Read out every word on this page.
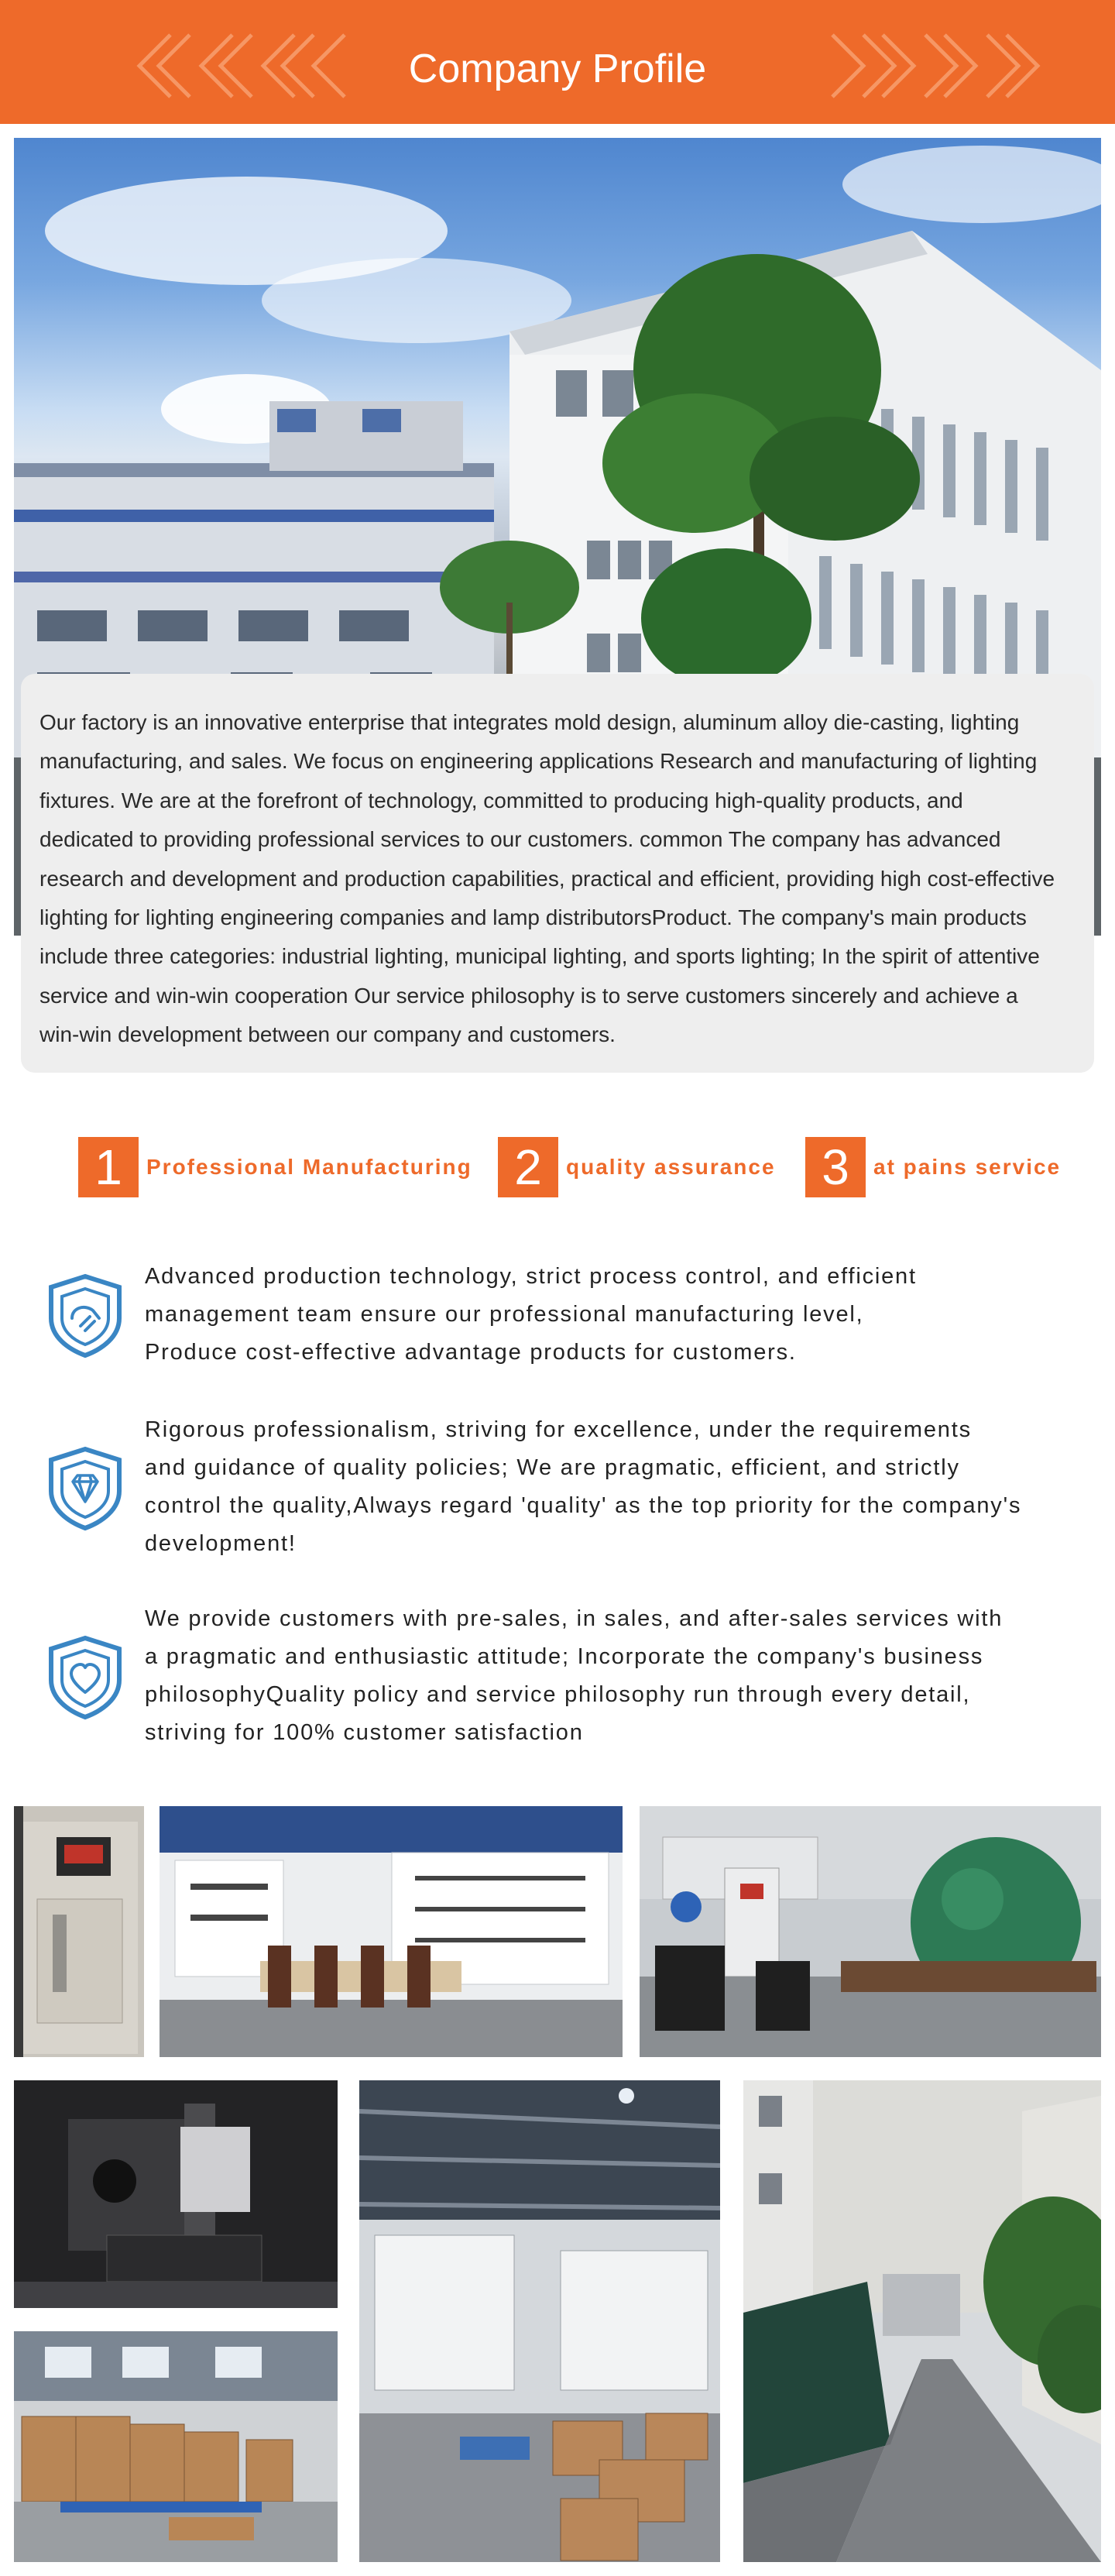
Company Profile
Our factory is an innovative enterprise that integrates mold design, aluminum alloy die-casting, lighting
manufacturing, and sales. We focus on engineering applications Research and manufacturing of lighting
fixtures. We are at the forefront of technology, committed to producing high-quality products, and
dedicated to providing professional services to our customers. common The company has advanced
research and development and production capabilities, practical and efficient, providing high cost-effective
lighting for lighting engineering companies and lamp distributorsProduct. The company's main products
include three categories: industrial lighting, municipal lighting, and sports lighting; In the spirit of attentive
service and win-win cooperation Our service philosophy is to serve customers sincerely and achieve a
win-win development between our company and customers.
1	Professional Manufacturing 2	quality assurance 3	at pains service
Advanced production technology, strict process control, and efficient
management team ensure our professional manufacturing level,
Produce cost-effective advantage products for customers.
Rigorous professionalism, striving for excellence, under the requirements
and guidance of quality policies; We are pragmatic, efficient, and strictly
control the quality,Always regard 'quality' as the top priority for the company's
development!
We provide customers with pre-sales, in sales, and after-sales services with
a pragmatic and enthusiastic attitude; Incorporate the company's business
philosophyQuality policy and service philosophy run through every detail,
striving for 100% customer satisfaction
